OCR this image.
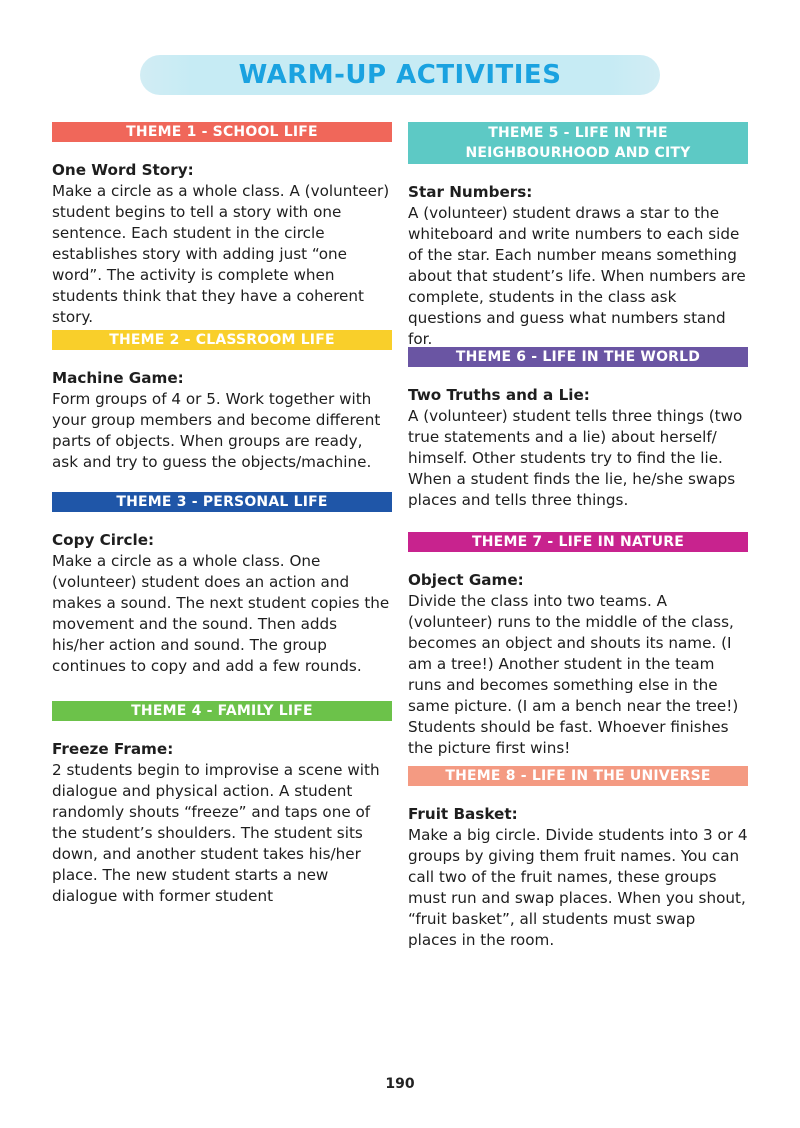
WARM-UP ACTIVITIES
THEME 1 - SCHOOL LIFE
One Word Story:
Make a circle as a whole class. A (volunteer) student begins to tell a story with one sentence. Each student in the circle establishes story with adding just “one word”. The activity is complete when students think that they have a coherent story.
THEME 2 - CLASSROOM LIFE
Machine Game:
Form groups of 4 or 5. Work together with your group members and become different parts of objects. When groups are ready, ask and try to guess the objects/machine.
THEME 3 - PERSONAL LIFE
Copy Circle:
Make a circle as a whole class. One (volunteer) student does an action and makes a sound. The next student copies the movement and the sound. Then adds his/her action and sound. The group continues to copy and add a few rounds.
THEME 4 - FAMILY LIFE
Freeze Frame:
2 students begin to improvise a scene with dialogue and physical action. A student randomly shouts “freeze” and taps one of the student’s shoulders. The student sits down, and another student takes his/her place. The new student starts a new dialogue with former student
THEME 5 - LIFE IN THE NEIGHBOURHOOD AND CITY
Star Numbers:
A (volunteer) student draws a star to the whiteboard and write numbers to each side of the star. Each number means something about that student’s life. When numbers are complete, students in the class ask questions and guess what numbers stand for.
THEME 6 - LIFE IN THE WORLD
Two Truths and a Lie:
A (volunteer) student tells three things (two true statements and a lie) about herself/ himself. Other students try to find the lie. When a student finds the lie, he/she swaps places and tells three things.
THEME 7 - LIFE IN NATURE
Object Game:
Divide the class into two teams. A (volunteer) runs to the middle of the class, becomes an object and shouts its name. (I am a tree!) Another student in the team runs and becomes something else in the same picture. (I am a bench near the tree!) Students should be fast. Whoever finishes the picture first wins!
THEME 8 - LIFE IN THE UNIVERSE
Fruit Basket:
Make a big circle. Divide students into 3 or 4 groups by giving them fruit names. You can call two of the fruit names, these groups must run and swap places. When you shout, “fruit basket”, all students must swap places in the room.
190
